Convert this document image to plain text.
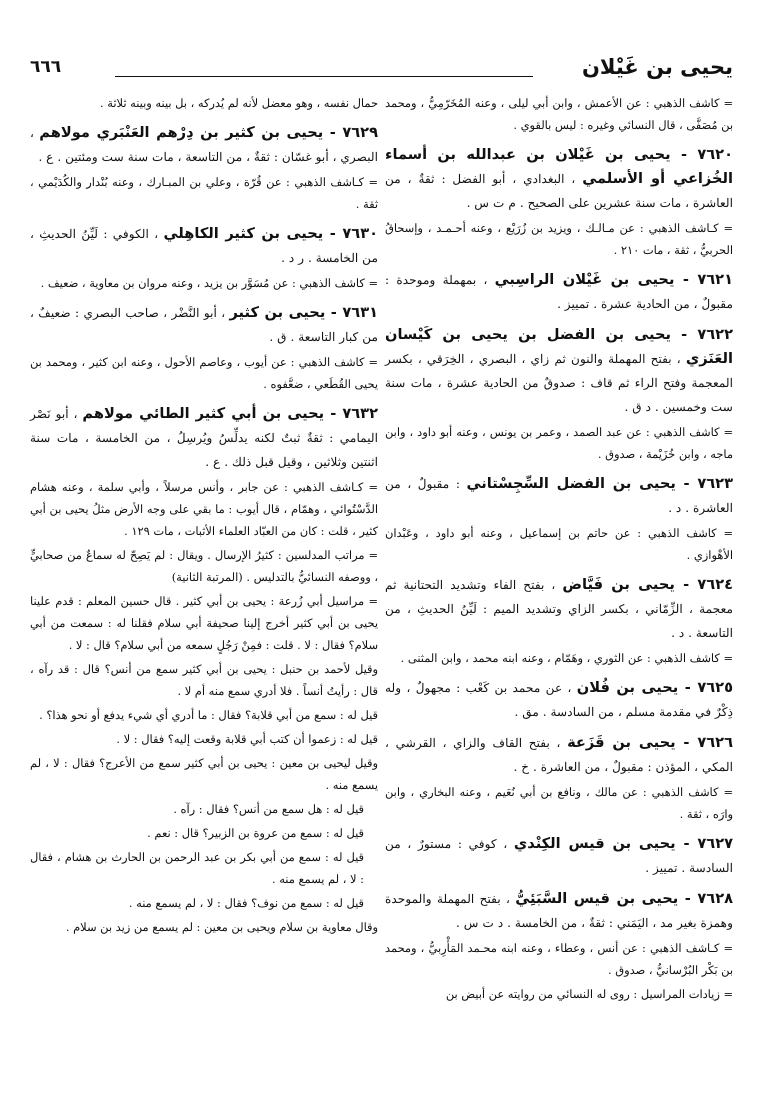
يحيى بن غَيْلان
٦٦٦
= كاشف الذهبي : عن الأعمش ، وابن أبي ليلى ، وعنه المُخَرّمِيُّ ، ومحمد بن مُصَفَّى ، قال النسائي وغيره : ليس بالقوي .
٧٦٢٠ - يحيى بن غَيْلان بن عبدالله بن أسماء الخُزاعي أو الأسلمي ، البغدادي ، أبو الفضل : ثقةٌ ، من العاشرة ، مات سنة عشرين على الصحيح . م ت س .
= كـاشف الذهبي : عن مـالـك ، ويزيد بن زُرَيْع ، وعنه أحـمـد ، وإسحاقُ الحربيُّ ، ثقة ، مات ٢١٠ .
٧٦٢١ - يحيى بن غَيْلان الراسِبي ، بمهملة وموحدة : مقبولٌ ، من الحادية عشرة . تمييز .
٧٦٢٢ - يحيى بن الفضل بن يحيى بن كَيْسان العَنَزي ، بفتح المهملة والنون ثم زاي ، البصري ، الخِرَقي ، بكسر المعجمة وفتح الراء ثم قاف : صدوقٌ من الحادية عشرة ، مات سنة ست وخمسين . د ق .
= كاشف الذهبي : عن عبد الصمد ، وعمر بن يونس ، وعنه أبو داود ، وابن ماجه ، وابن خُزَيْمة ، صدوق .
٧٦٢٣ - يحيى بن الفضل السِّجِسْتاني : مقبولٌ ، من العاشرة . د .
= كاشف الذهبي : عن حاتم بن إسماعيل ، وعنه أبو داود ، وعَبْدان الأهْوازي .
٧٦٢٤ - يحيى بن فَيَّاض ، بفتح الفاء وتشديد التحتانية ثم معجمة ، الزِّمّاني ، بكسر الزاي وتشديد الميم : لَيِّنُ الحديثِ ، من التاسعة . د .
= كاشف الذهبي : عن الثوري ، وهَمّام ، وعنه ابنه محمد ، وابن المثنى .
٧٦٢٥ - يحيى بن فُلان ، عن محمد بن كَعْب : مجهولٌ ، وله ذِكْرٌ في مقدمة مسلم ، من السادسة . مق .
٧٦٢٦ - يحيى بن قَزَعة ، بفتح القاف والزاي ، القرشي ، المكي ، المؤذن : مقبولٌ ، من العاشرة . خ .
= كاشف الذهبي : عن مالك ، ونافع بن أبي نُعَيم ، وعنه البخاري ، وابن وارَه ، ثقة .
٧٦٢٧ - يحيى بن قيس الكِنْدي ، كوفي : مستورٌ ، من السادسة . تمييز .
٧٦٢٨ - يحيى بن قيس السَّبَئِيُّ ، بفتح المهملة والموحدة وهمزة بغير مد ، اليَمَني : ثقةٌ ، من الخامسة . د ت س .
= كـاشف الذهبي : عن أنس ، وعطاء ، وعنه ابنه محـمد المَأْرِبيُّ ، ومحمد بن بَكْر البُرْسانيُّ ، صدوق .
= زيادات المراسيل : روى له النسائي من روايته عن أبيض بن
حمال نفسه ، وهو معضل لأنه لم يُدركه ، بل بينه وبينه ثلاثة .
٧٦٢٩ - يحيى بن كثير بن دِرْهم العَنْبَري مولاهم ، البصري ، أبو غسّان : ثقةٌ ، من التاسعة ، مات سنة ست ومئتين . ع .
= كـاشف الذهبي : عن قُرّة ، وعلي بن المبـارك ، وعنه بُنْدار والكُدَيْمي ، ثقة .
٧٦٣٠ - يحيى بن كثير الكاهِلي ، الكوفي : لَيِّنُ الحديثِ ، من الخامسة . ر د .
= كاشف الذهبي : عن مُسَوَّر بن يزيد ، وعنه مروان بن معاوية ، ضعيف .
٧٦٣١ - يحيى بن كثير ، أبو النَّضْر ، صاحب البصري : ضعيفٌ ، من كبار التاسعة . ق .
= كاشف الذهبي : عن أيوب ، وعاصم الأحول ، وعنه ابن كثير ، ومحمد بن يحيى القُطَعي ، ضعَّفوه .
٧٦٣٢ - يحيى بن أبي كثير الطائي مولاهم ، أبو نَصْر اليمامي : ثقةٌ ثبتٌ لكنه يدلِّسُ ويُرسِلُ ، من الخامسة ، مات سنة اثنتين وثلاثين ، وقيل قبل ذلك . ع .
= كـاشف الذهبي : عن جابر ، وأنس مرسلاً ، وأبي سلمة ، وعنه هشام الدَّسْتُوائي ، وهمّام ، قال أيوب : ما بقي على وجه الأرض مثلُ يحيى بن أبي كثير ، قلت : كان من العبّاد العلماء الأثبات ، مات ١٢٩ .
= مراتب المدلسين : كثيرُ الإرسال . ويقال : لم يَصِحّ له سماعٌ من صحابيٍّ ، ووصفه النسائيُّ بالتدليس . (المرتبة الثانية)
= مراسيل أبي زُرعة : يحيى بن أبي كثير . قال حسين المعلم : قدم علينا يحيى بن أبي كثير أخرج إلينا صحيفة أبي سلام فقلنا له : سمعت من أبي سلام؟ فقال : لا . قلت : فمِنْ رَجُلٍ سمعه من أبي سلام؟ قال : لا .
وقيل لأحمد بن حنبل : يحيى بن أبي كثير سمع من أنس؟ قال : قد رآه ، قال : رأيتُ أنساً . فلا أدري سمع منه أم لا .
قيل له : سمع من أبي قلابة؟ فقال : ما أدري أي شيء يدفع أو نحو هذا؟ .
قيل له : زعموا أن كتب أبي قلابة وقعت إليه؟ فقال : لا .
وقيل ليحيى بن معين : يحيى بن أبي كثير سمع من الأعرج؟ فقال : لا ، لم يسمع منه .
قيل له : هل سمع من أنس؟ فقال : رآه .
قيل له : سمع من عروة بن الزبير؟ قال : نعم .
قيل له : سمع من أبي بكر بن عبد الرحمن بن الحارث بن هشام ، فقال : لا ، لم يسمع منه .
قيل له : سمع من نوف؟ فقال : لا ، لم يسمع منه .
وقال معاوية بن سلام ويحيى بن معين : لم يسمع من زيد بن سلام .
